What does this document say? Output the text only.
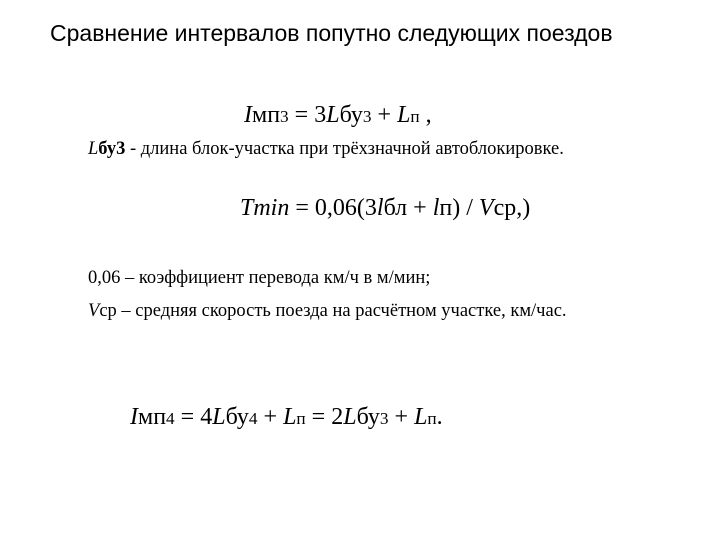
Сравнение интервалов попутно следующих поездов
Iмп3 = 3Lбу3 + Lп ,
Lбу3 - длина блок-участка при трёхзначной автоблокировке.
Tmin = 0,06(3lбл + lп) / Vср,)
0,06 – коэффициент перевода км/ч в м/мин;
Vср – средняя скорость поезда на расчётном участке, км/час.
Iмп4 = 4Lбу4 + Lп = 2Lбу3 + Lп.
